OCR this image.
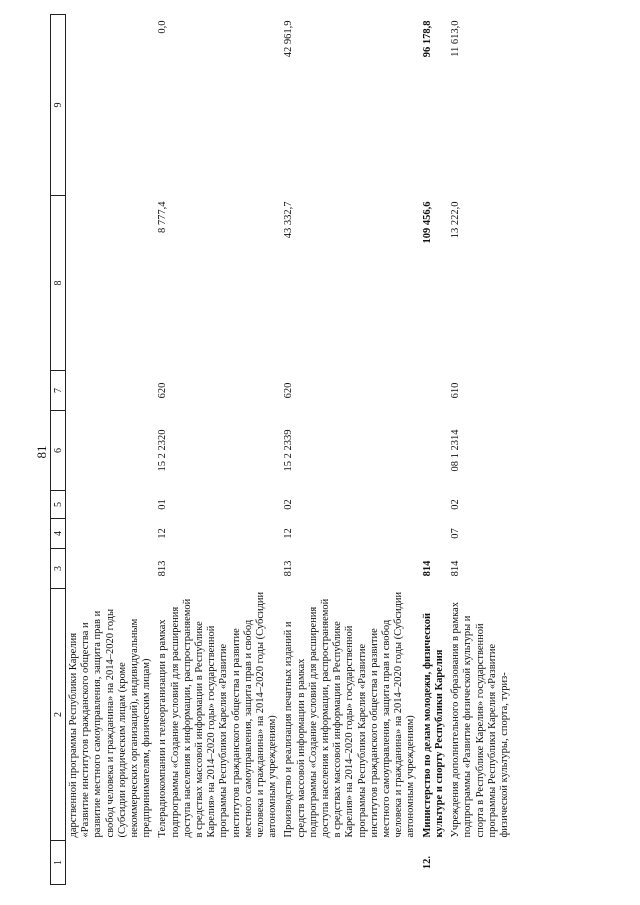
81
1	2	3	4	5	6	7	8	9
	дарственной программы Республики Карелия «Развитие институтов гражданского общества и развитие местного самоуправления, защита прав и свобод человека и гражданина» на 2014–2020 годы (Субсидии юридическим лицам (кроме некоммерческих организаций), индивидуальным предпринимателям, физическим лицам)							
	Телерадиокомпании и телеорганизации в рамках подпрограммы «Создание условий для расширения доступа населения к информации, распространяемой в средствах массовой информации в Республике Карелия» на 2014–2020 годы» государственной программы Республики Карелия «Развитие институтов гражданского общества и развитие местного самоуправления, защита прав и свобод человека и гражданина» на 2014–2020 годы (Субсидии автономным учреждениям)	813	12	01	15 2 2320	620	8 777,4	0,0
	Производство и реализация печатных изданий и средств массовой информации в рамках подпрограммы «Создание условий для расширения доступа населения к информации, распространяемой в средствах массовой информации в Республике Карелия» на 2014–2020 годы» государственной программы Республики Карелия «Развитие институтов гражданского общества и развитие местного самоуправления, защита прав и свобод человека и гражданина» на 2014–2020 годы (Субсидии автономным учреждениям)	813	12	02	15 2 2339	620	43 332,7	42 961,9
12.	Министерство по делам молодежи, физической культуре и спорту Республики Карелия	814					109 456,6	96 178,8
	Учреждения дополнительного образования в рамках подпрограммы «Развитие физической культуры и спорта в Республике Карелия» государственной программы Республики Карелия «Развитие физической культуры, спорта, туриз-	814	07	02	08 1 2314	610	13 222,0	11 613,0
